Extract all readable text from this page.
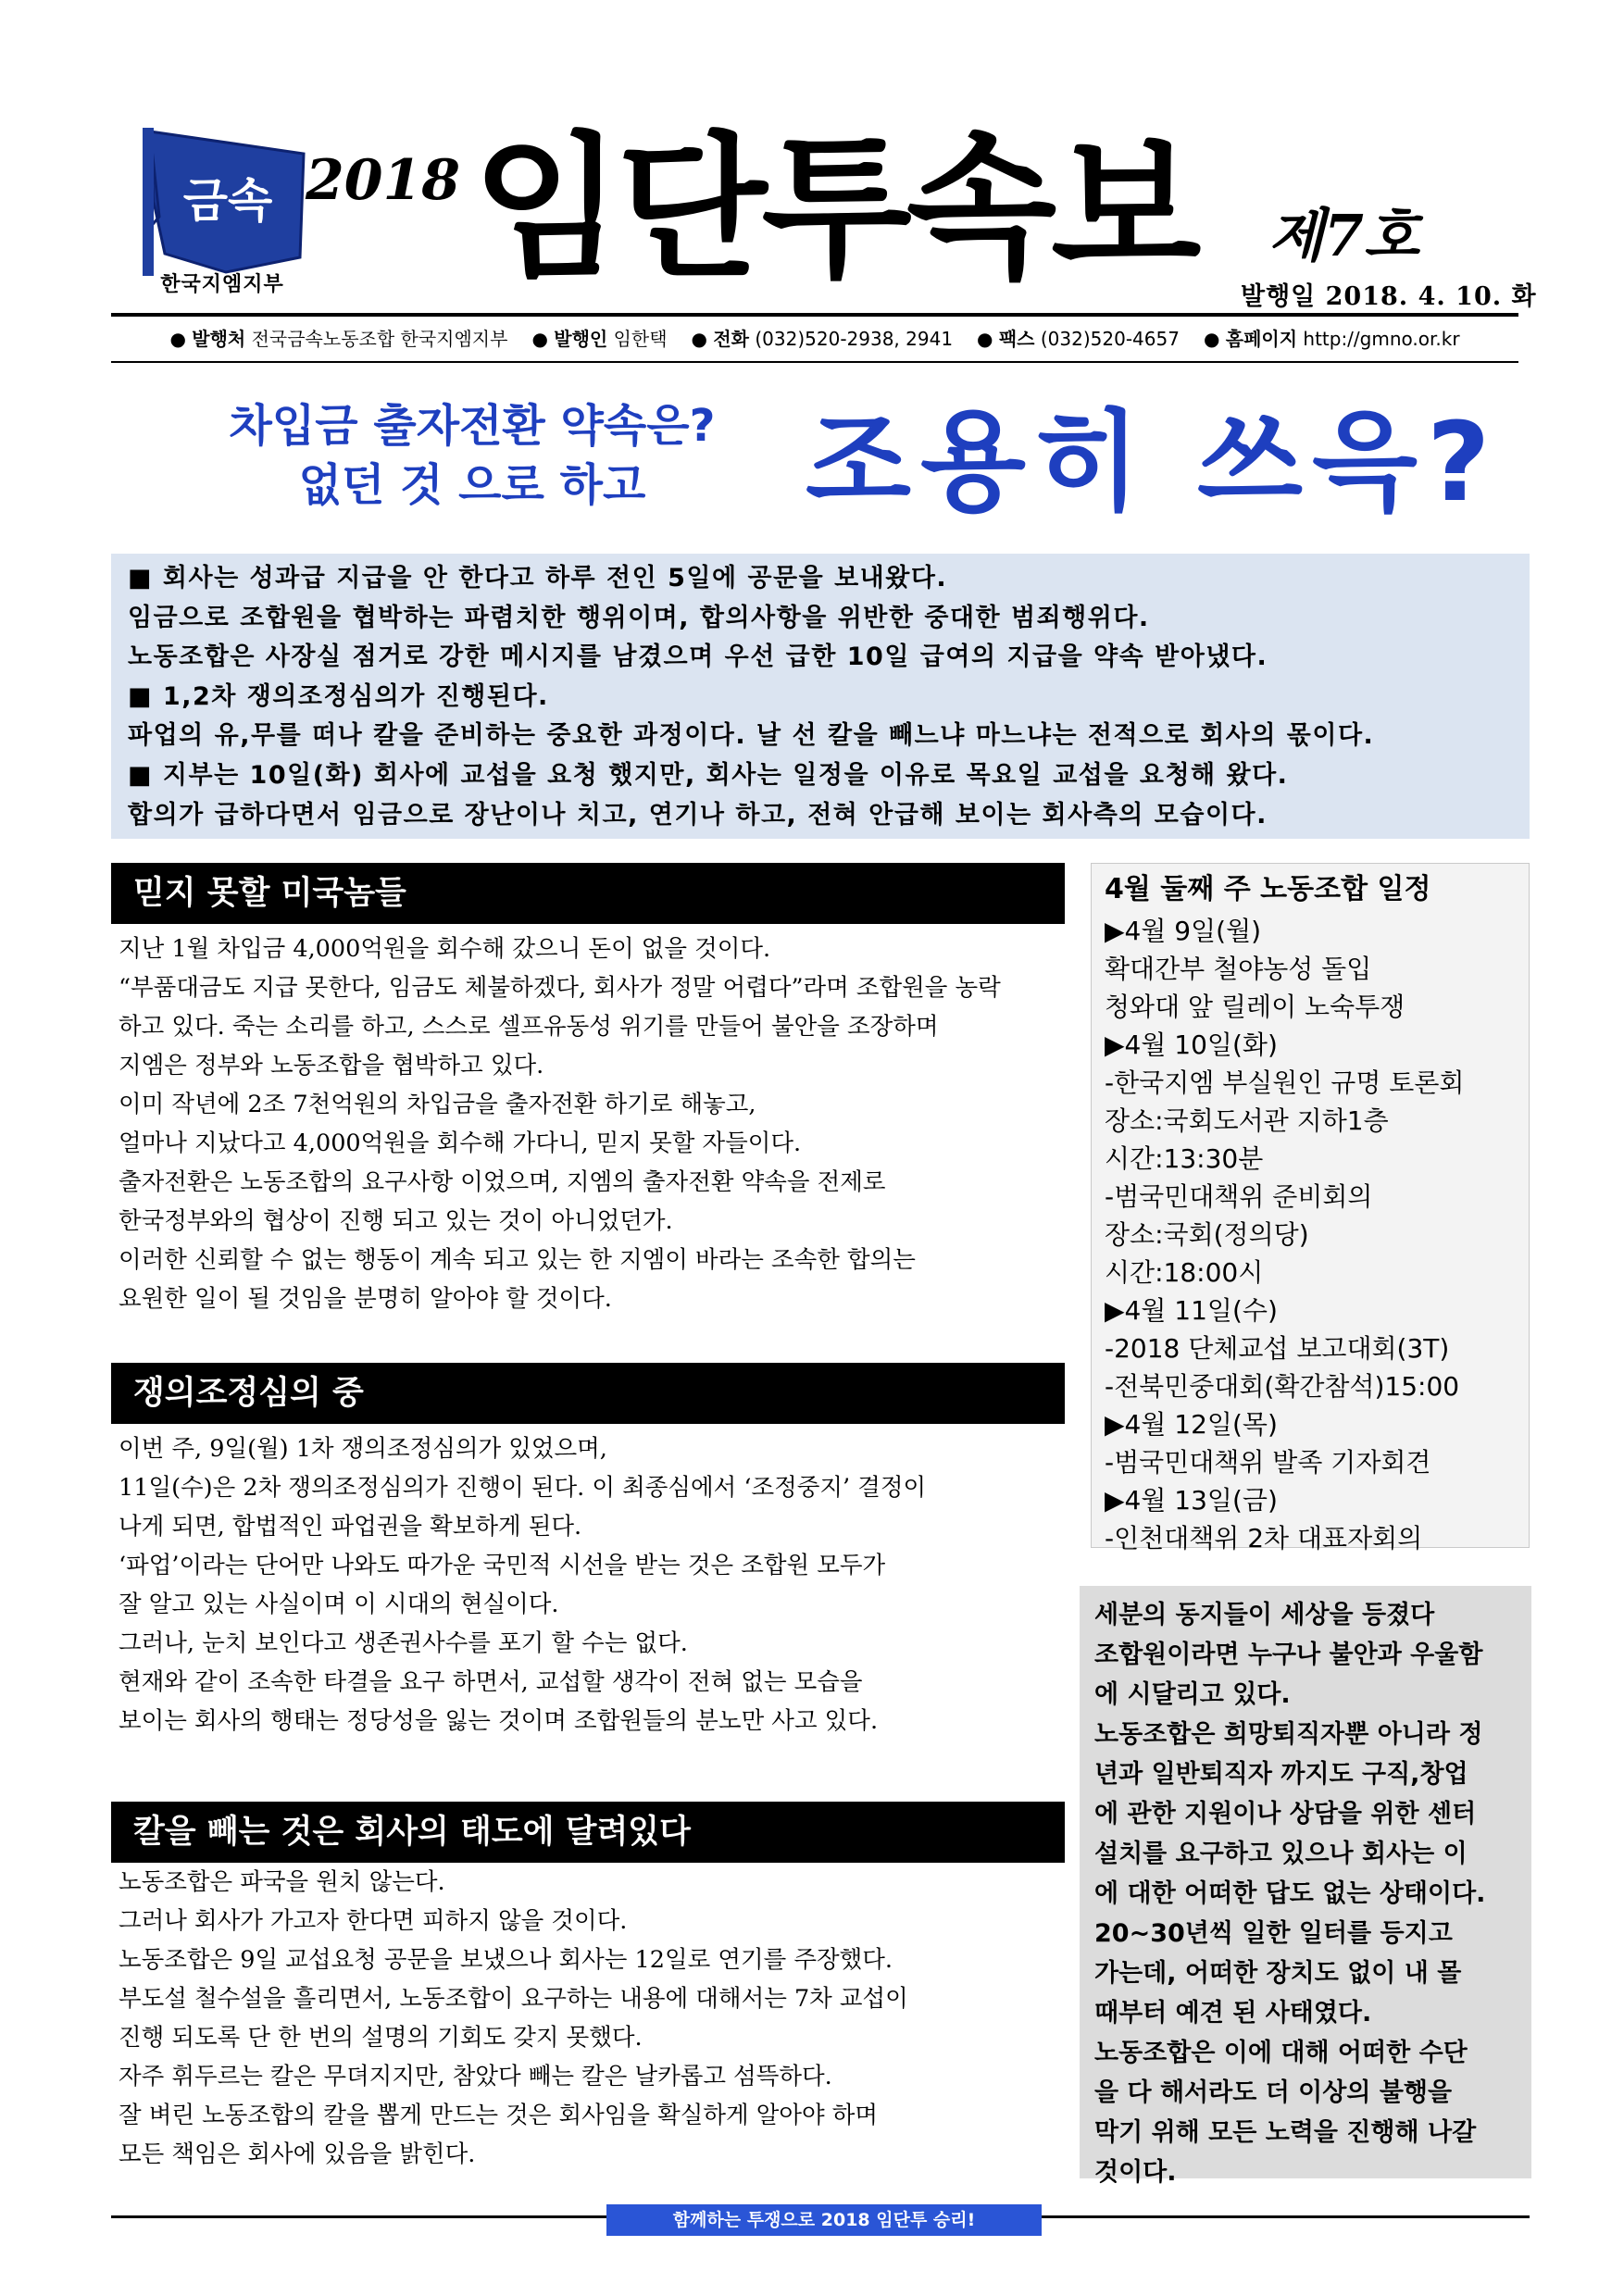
금속
한국지엠지부
2018 임단투속보 제7호
발행일 2018. 4. 10. 화
● 발행처 전국금속노동조합 한국지엠지부 ● 발행인 임한택 ● 전화 (032)520-2938, 2941 ● 팩스 (032)520-4657 ● 홈페이지 http://gmno.or.kr
차입금 출자전환 약속은?
없던 것 으로 하고	조용히 쓰윽?

■ 회사는 성과급 지급을 안 한다고 하루 전인 5일에 공문을 보내왔다.

임금으로 조합원을 협박하는 파렴치한 행위이며, 합의사항을 위반한 중대한 범죄행위다.

노동조합은 사장실 점거로 강한 메시지를 남겼으며 우선 급한 10일 급여의 지급을 약속 받아냈다.

■ 1,2차 쟁의조정심의가 진행된다.

파업의 유,무를 떠나 칼을 준비하는 중요한 과정이다. 날 선 칼을 빼느냐 마느냐는 전적으로 회사의 몫이다.

■ 지부는 10일(화) 회사에 교섭을 요청 했지만, 회사는 일정을 이유로 목요일 교섭을 요청해 왔다.

합의가 급하다면서 임금으로 장난이나 치고, 연기나 하고, 전혀 안급해 보이는 회사측의 모습이다.

믿지 못할 미국놈들

지난 1월 차입금 4,000억원을 회수해 갔으니 돈이 없을 것이다.

“부품대금도 지급 못한다, 임금도 체불하겠다, 회사가 정말 어렵다”라며 조합원을 농락

하고 있다. 죽는 소리를 하고, 스스로 셀프유동성 위기를 만들어 불안을 조장하며

지엠은 정부와 노동조합을 협박하고 있다.

이미 작년에 2조 7천억원의 차입금을 출자전환 하기로 해놓고,

얼마나 지났다고 4,000억원을 회수해 가다니, 믿지 못할 자들이다.

출자전환은 노동조합의 요구사항 이었으며, 지엠의 출자전환 약속을 전제로

한국정부와의 협상이 진행 되고 있는 것이 아니었던가.

이러한 신뢰할 수 없는 행동이 계속 되고 있는 한 지엠이 바라는 조속한 합의는

요원한 일이 될 것임을 분명히 알아야 할 것이다.

쟁의조정심의 중

이번 주, 9일(월) 1차 쟁의조정심의가 있었으며,

11일(수)은 2차 쟁의조정심의가 진행이 된다. 이 최종심에서 ‘조정중지’ 결정이

나게 되면, 합법적인 파업권을 확보하게 된다.

‘파업’이라는 단어만 나와도 따가운 국민적 시선을 받는 것은 조합원 모두가

잘 알고 있는 사실이며 이 시대의 현실이다.

그러나, 눈치 보인다고 생존권사수를 포기 할 수는 없다.

현재와 같이 조속한 타결을 요구 하면서, 교섭할 생각이 전혀 없는 모습을

보이는 회사의 행태는 정당성을 잃는 것이며 조합원들의 분노만 사고 있다.

칼을 빼는 것은 회사의 태도에 달려있다

노동조합은 파국을 원치 않는다.

그러나 회사가 가고자 한다면 피하지 않을 것이다.

노동조합은 9일 교섭요청 공문을 보냈으나 회사는 12일로 연기를 주장했다.

부도설 철수설을 흘리면서, 노동조합이 요구하는 내용에 대해서는 7차 교섭이

진행 되도록 단 한 번의 설명의 기회도 갖지 못했다.

자주 휘두르는 칼은 무뎌지지만, 참았다 빼는 칼은 날카롭고 섬뜩하다.

잘 벼린 노동조합의 칼을 뽑게 만드는 것은 회사임을 확실하게 알아야 하며

모든 책임은 회사에 있음을 밝힌다.

4월 둘째 주 노동조합 일정

▶4월 9일(월)

확대간부 철야농성 돌입

청와대 앞 릴레이 노숙투쟁

▶4월 10일(화)

-한국지엠 부실원인 규명 토론회

장소:국회도서관 지하1층

시간:13:30분

-범국민대책위 준비회의

장소:국회(정의당)

시간:18:00시

▶4월 11일(수)

-2018 단체교섭 보고대회(3T)

-전북민중대회(확간참석)15:00

▶4월 12일(목)

-범국민대책위 발족 기자회견

▶4월 13일(금)

-인천대책위 2차 대표자회의

세분의 동지들이 세상을 등졌다

조합원이라면 누구나 불안과 우울함

에 시달리고 있다.

노동조합은 희망퇴직자뿐 아니라 정

년과 일반퇴직자 까지도 구직,창업

에 관한 지원이나 상담을 위한 센터

설치를 요구하고 있으나 회사는 이

에 대한 어떠한 답도 없는 상태이다.

20~30년씩 일한 일터를 등지고

가는데, 어떠한 장치도 없이 내 몰

때부터 예견 된 사태였다.

노동조합은 이에 대해 어떠한 수단

을 다 해서라도 더 이상의 불행을

막기 위해 모든 노력을 진행해 나갈

것이다.

함께하는 투쟁으로 2018 임단투 승리!
